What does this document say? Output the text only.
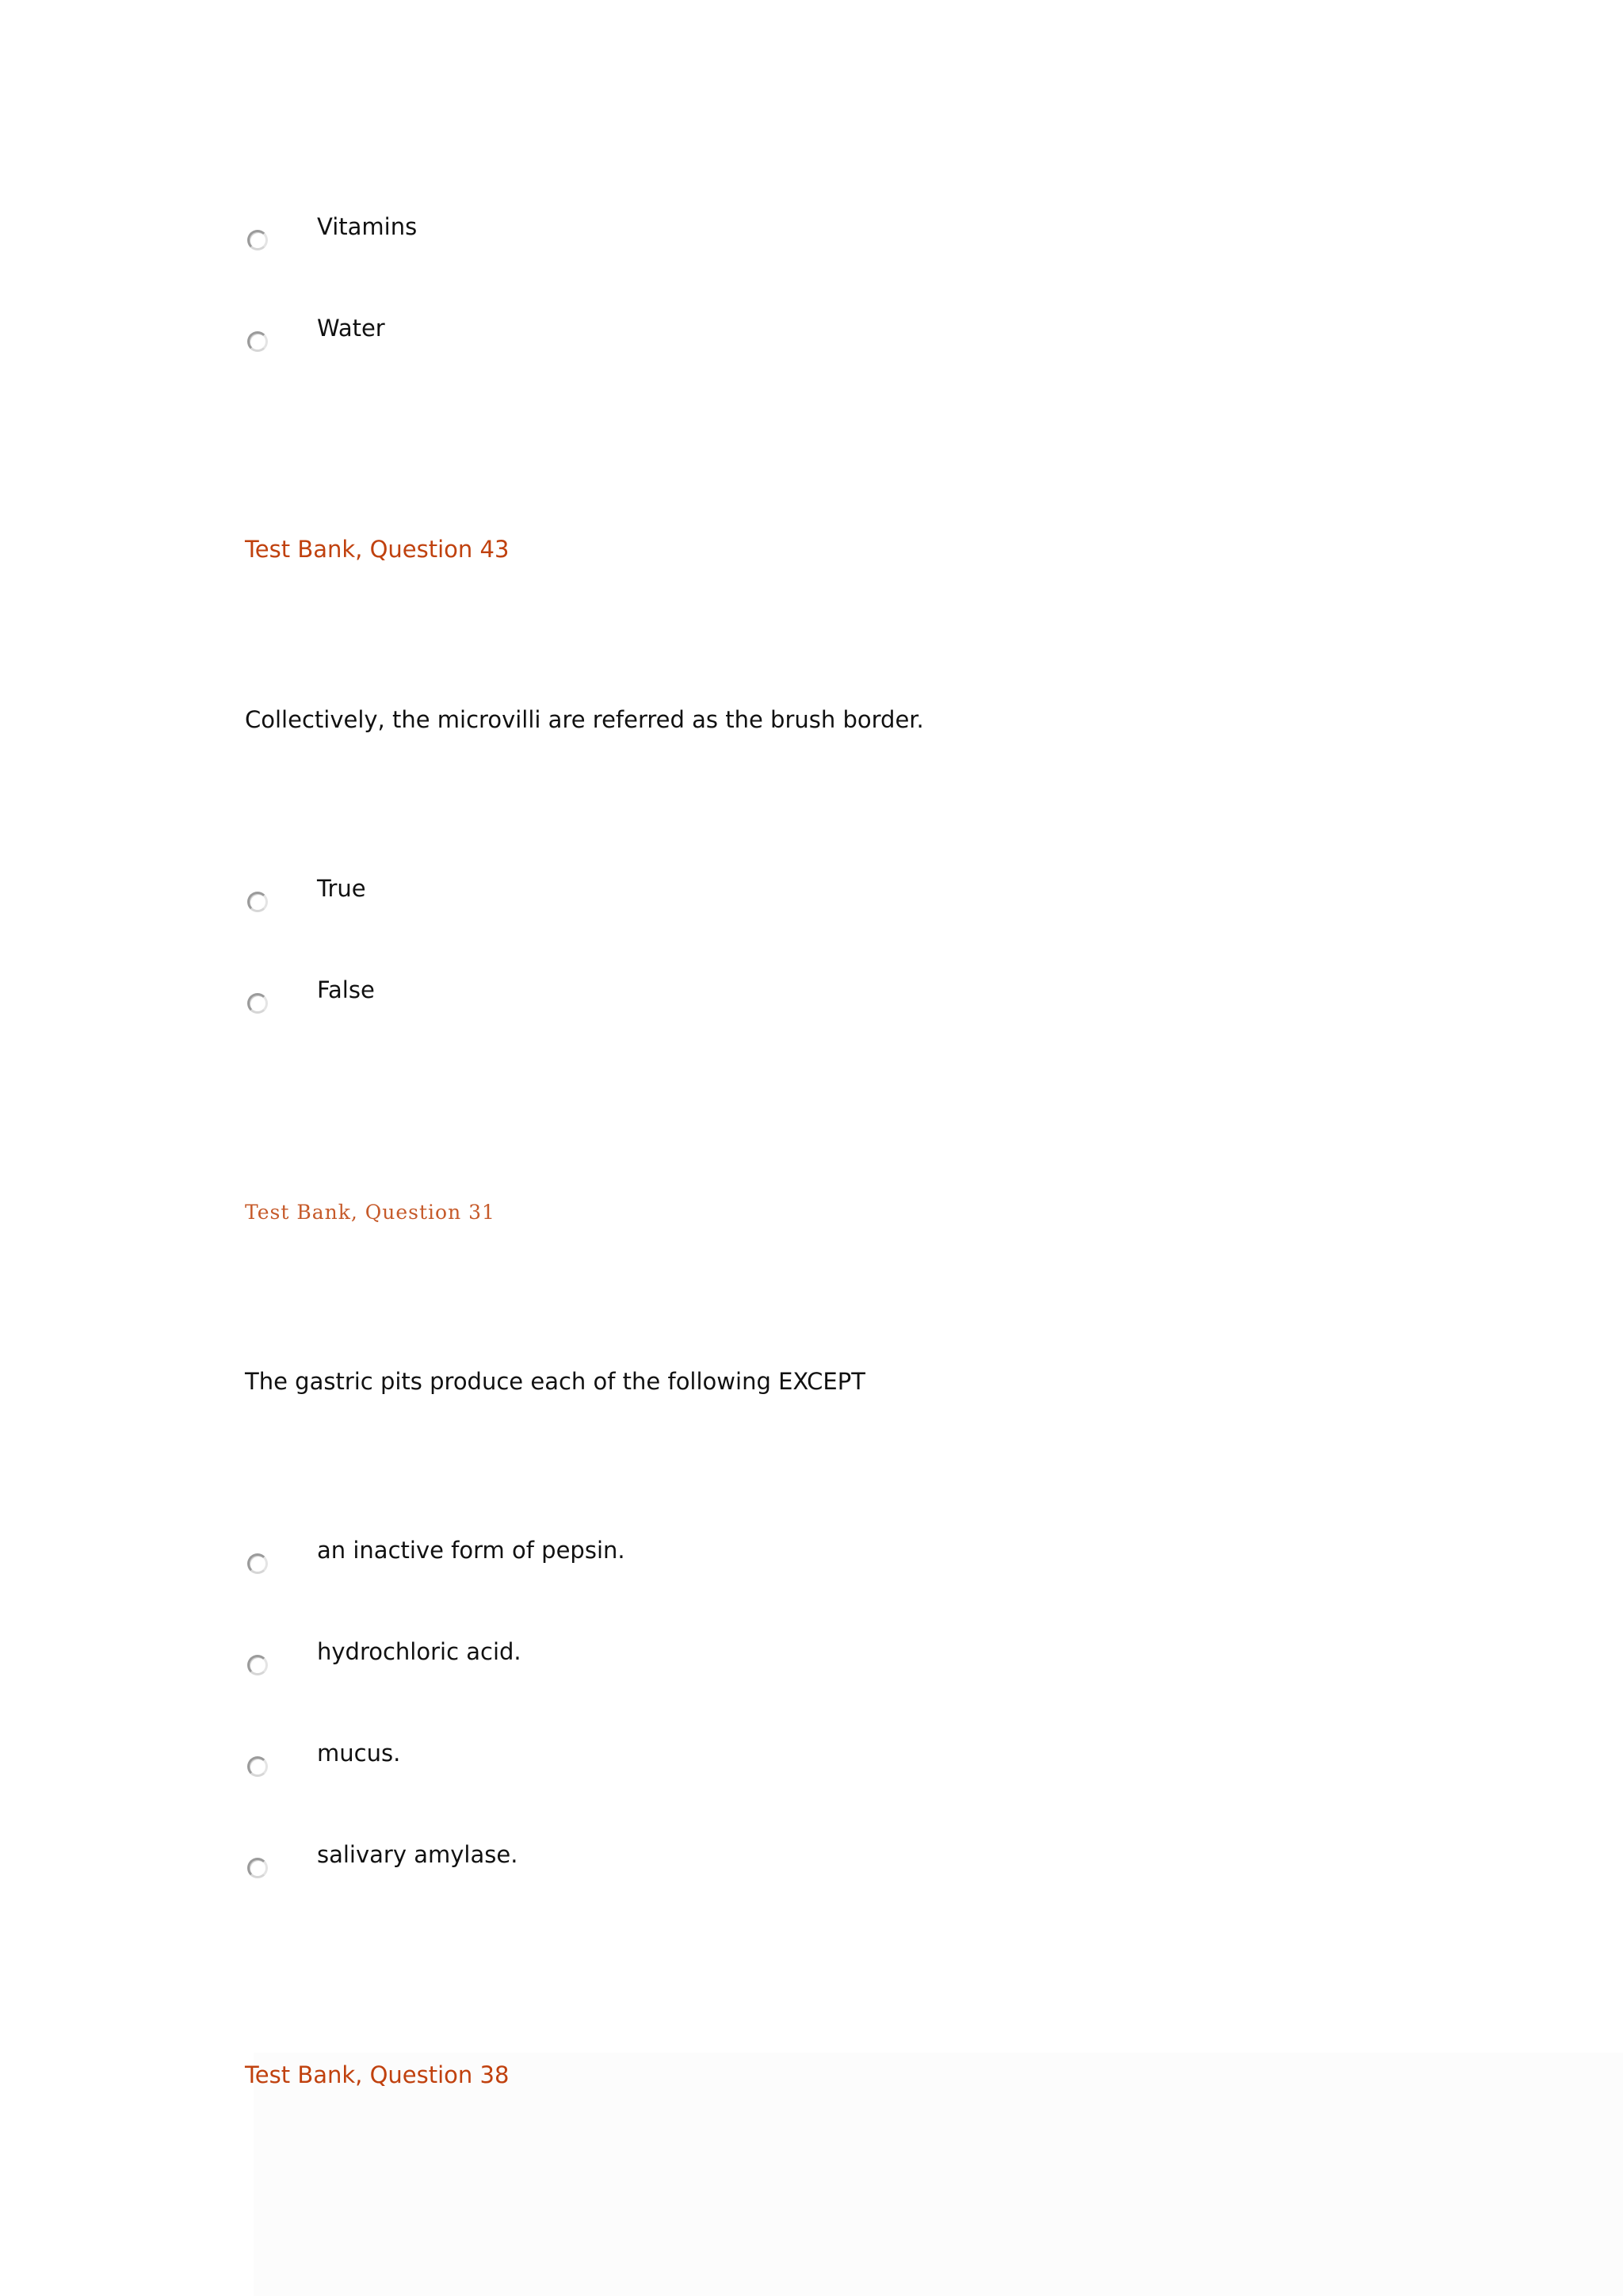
Vitamins
Water
Test Bank, Question 43
Collectively, the microvilli are referred as the brush border.
True
False
Test Bank, Question 31
The gastric pits produce each of the following EXCEPT
an inactive form of pepsin.
hydrochloric acid.
mucus.
salivary amylase.
Test Bank, Question 38
